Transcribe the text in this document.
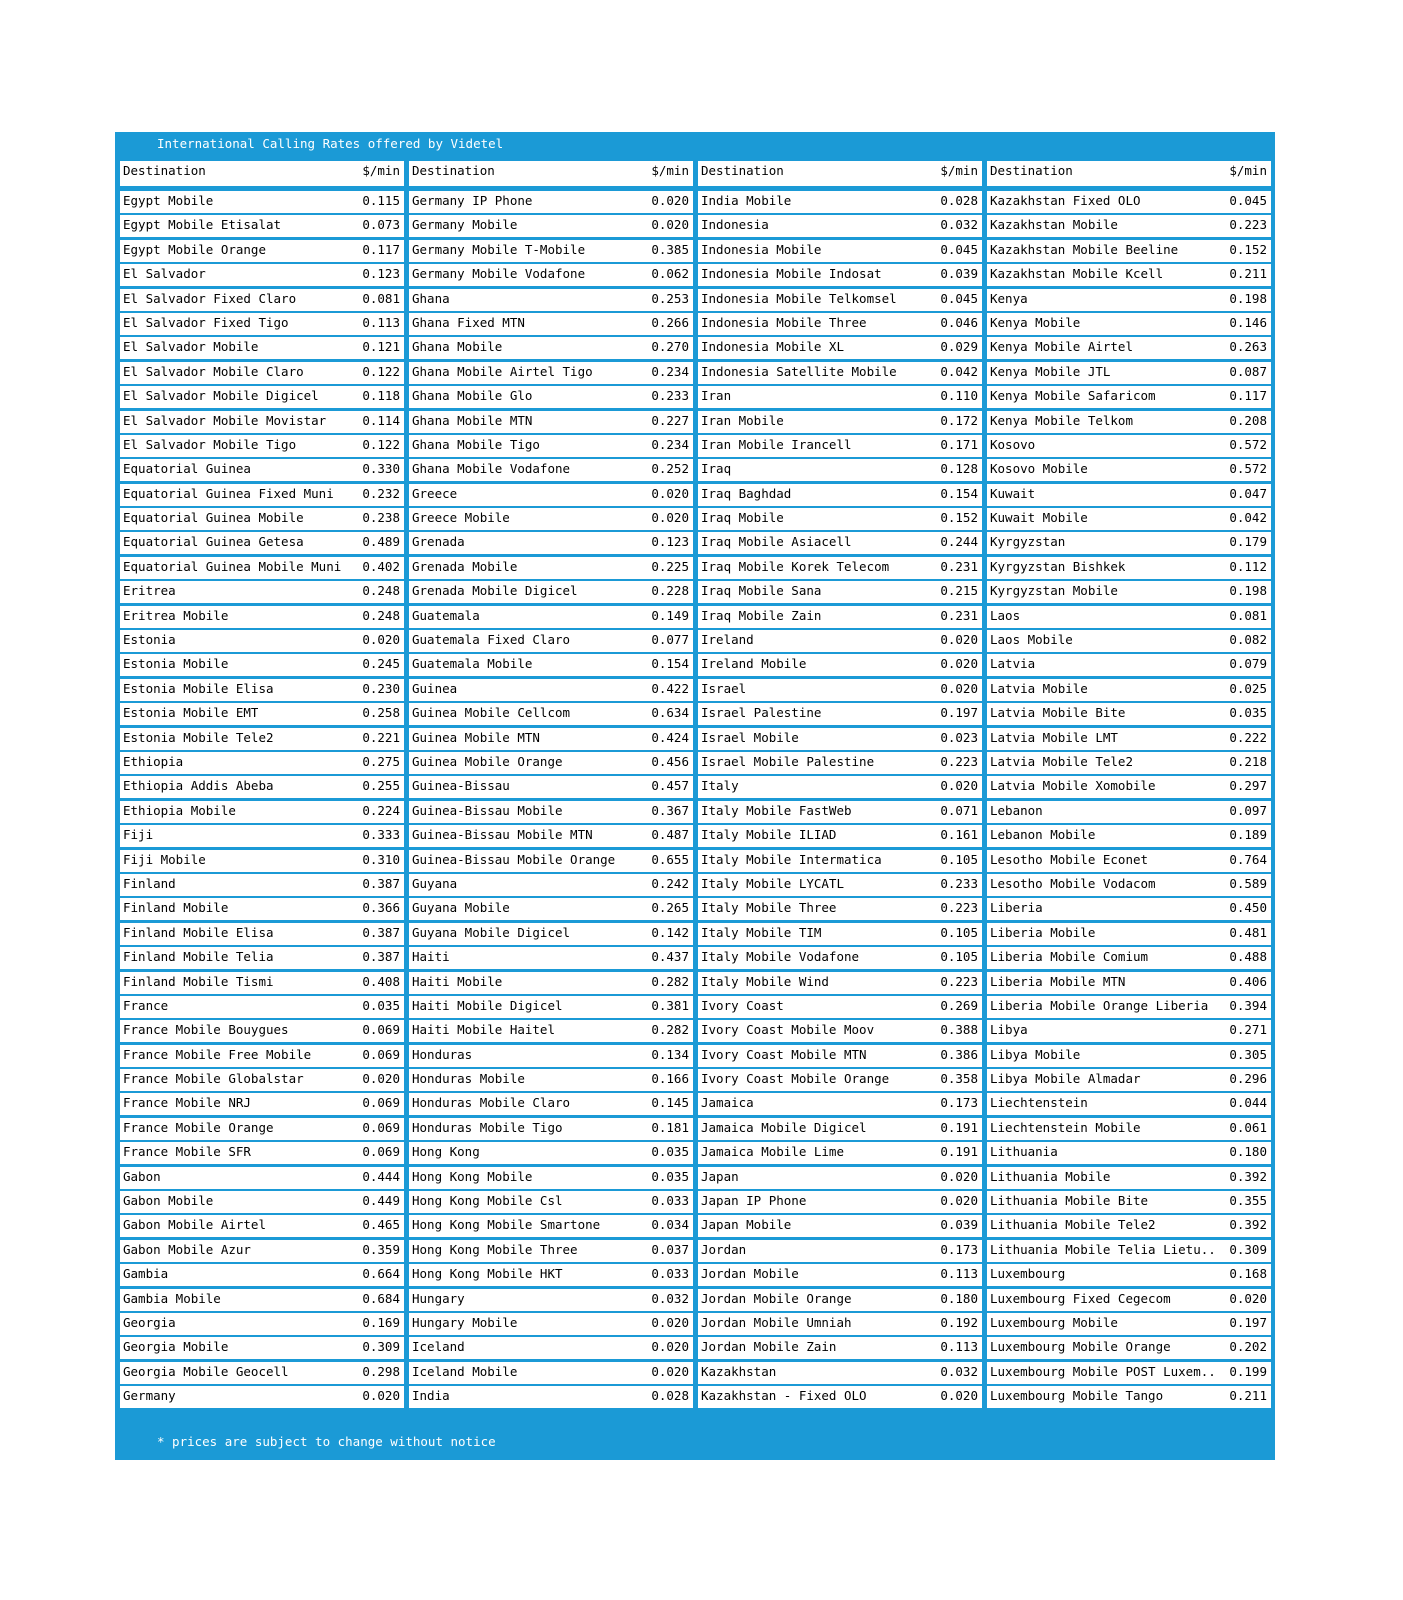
International Calling Rates offered by Videtel
Destination	$/min
Egypt Mobile	0.115
Egypt Mobile Etisalat	0.073
Egypt Mobile Orange	0.117
El Salvador	0.123
El Salvador Fixed Claro	0.081
El Salvador Fixed Tigo	0.113
El Salvador Mobile	0.121
El Salvador Mobile Claro	0.122
El Salvador Mobile Digicel	0.118
El Salvador Mobile Movistar	0.114
El Salvador Mobile Tigo	0.122
Equatorial Guinea	0.330
Equatorial Guinea Fixed Muni	0.232
Equatorial Guinea Mobile	0.238
Equatorial Guinea Getesa	0.489
Equatorial Guinea Mobile Muni	0.402
Eritrea	0.248
Eritrea Mobile	0.248
Estonia	0.020
Estonia Mobile	0.245
Estonia Mobile Elisa	0.230
Estonia Mobile EMT	0.258
Estonia Mobile Tele2	0.221
Ethiopia	0.275
Ethiopia Addis Abeba	0.255
Ethiopia Mobile	0.224
Fiji	0.333
Fiji Mobile	0.310
Finland	0.387
Finland Mobile	0.366
Finland Mobile Elisa	0.387
Finland Mobile Telia	0.387
Finland Mobile Tismi	0.408
France	0.035
France Mobile Bouygues	0.069
France Mobile Free Mobile	0.069
France Mobile Globalstar	0.020
France Mobile NRJ	0.069
France Mobile Orange	0.069
France Mobile SFR	0.069
Gabon	0.444
Gabon Mobile	0.449
Gabon Mobile Airtel	0.465
Gabon Mobile Azur	0.359
Gambia	0.664
Gambia Mobile	0.684
Georgia	0.169
Georgia Mobile	0.309
Georgia Mobile Geocell	0.298
Germany	0.020
Destination	$/min
Germany IP Phone	0.020
Germany Mobile	0.020
Germany Mobile T-Mobile	0.385
Germany Mobile Vodafone	0.062
Ghana	0.253
Ghana Fixed MTN	0.266
Ghana Mobile	0.270
Ghana Mobile Airtel Tigo	0.234
Ghana Mobile Glo	0.233
Ghana Mobile MTN	0.227
Ghana Mobile Tigo	0.234
Ghana Mobile Vodafone	0.252
Greece	0.020
Greece Mobile	0.020
Grenada	0.123
Grenada Mobile	0.225
Grenada Mobile Digicel	0.228
Guatemala	0.149
Guatemala Fixed Claro	0.077
Guatemala Mobile	0.154
Guinea	0.422
Guinea Mobile Cellcom	0.634
Guinea Mobile MTN	0.424
Guinea Mobile Orange	0.456
Guinea-Bissau	0.457
Guinea-Bissau Mobile	0.367
Guinea-Bissau Mobile MTN	0.487
Guinea-Bissau Mobile Orange	0.655
Guyana	0.242
Guyana Mobile	0.265
Guyana Mobile Digicel	0.142
Haiti	0.437
Haiti Mobile	0.282
Haiti Mobile Digicel	0.381
Haiti Mobile Haitel	0.282
Honduras	0.134
Honduras Mobile	0.166
Honduras Mobile Claro	0.145
Honduras Mobile Tigo	0.181
Hong Kong	0.035
Hong Kong Mobile	0.035
Hong Kong Mobile Csl	0.033
Hong Kong Mobile Smartone	0.034
Hong Kong Mobile Three	0.037
Hong Kong Mobile HKT	0.033
Hungary	0.032
Hungary Mobile	0.020
Iceland	0.020
Iceland Mobile	0.020
India	0.028
Destination	$/min
India Mobile	0.028
Indonesia	0.032
Indonesia Mobile	0.045
Indonesia Mobile Indosat	0.039
Indonesia Mobile Telkomsel	0.045
Indonesia Mobile Three	0.046
Indonesia Mobile XL	0.029
Indonesia Satellite Mobile	0.042
Iran	0.110
Iran Mobile	0.172
Iran Mobile Irancell	0.171
Iraq	0.128
Iraq Baghdad	0.154
Iraq Mobile	0.152
Iraq Mobile Asiacell	0.244
Iraq Mobile Korek Telecom	0.231
Iraq Mobile Sana	0.215
Iraq Mobile Zain	0.231
Ireland	0.020
Ireland Mobile	0.020
Israel	0.020
Israel Palestine	0.197
Israel Mobile	0.023
Israel Mobile Palestine	0.223
Italy	0.020
Italy Mobile FastWeb	0.071
Italy Mobile ILIAD	0.161
Italy Mobile Intermatica	0.105
Italy Mobile LYCATL	0.233
Italy Mobile Three	0.223
Italy Mobile TIM	0.105
Italy Mobile Vodafone	0.105
Italy Mobile Wind	0.223
Ivory Coast	0.269
Ivory Coast Mobile Moov	0.388
Ivory Coast Mobile MTN	0.386
Ivory Coast Mobile Orange	0.358
Jamaica	0.173
Jamaica Mobile Digicel	0.191
Jamaica Mobile Lime	0.191
Japan	0.020
Japan IP Phone	0.020
Japan Mobile	0.039
Jordan	0.173
Jordan Mobile	0.113
Jordan Mobile Orange	0.180
Jordan Mobile Umniah	0.192
Jordan Mobile Zain	0.113
Kazakhstan	0.032
Kazakhstan - Fixed OLO	0.020
Destination	$/min
Kazakhstan Fixed OLO	0.045
Kazakhstan Mobile	0.223
Kazakhstan Mobile Beeline	0.152
Kazakhstan Mobile Kcell	0.211
Kenya	0.198
Kenya Mobile	0.146
Kenya Mobile Airtel	0.263
Kenya Mobile JTL	0.087
Kenya Mobile Safaricom	0.117
Kenya Mobile Telkom	0.208
Kosovo	0.572
Kosovo Mobile	0.572
Kuwait	0.047
Kuwait Mobile	0.042
Kyrgyzstan	0.179
Kyrgyzstan Bishkek	0.112
Kyrgyzstan Mobile	0.198
Laos	0.081
Laos Mobile	0.082
Latvia	0.079
Latvia Mobile	0.025
Latvia Mobile Bite	0.035
Latvia Mobile LMT	0.222
Latvia Mobile Tele2	0.218
Latvia Mobile Xomobile	0.297
Lebanon	0.097
Lebanon Mobile	0.189
Lesotho Mobile Econet	0.764
Lesotho Mobile Vodacom	0.589
Liberia	0.450
Liberia Mobile	0.481
Liberia Mobile Comium	0.488
Liberia Mobile MTN	0.406
Liberia Mobile Orange Liberia	0.394
Libya	0.271
Libya Mobile	0.305
Libya Mobile Almadar	0.296
Liechtenstein	0.044
Liechtenstein Mobile	0.061
Lithuania	0.180
Lithuania Mobile	0.392
Lithuania Mobile Bite	0.355
Lithuania Mobile Tele2	0.392
Lithuania Mobile Telia Lietu..	0.309
Luxembourg	0.168
Luxembourg Fixed Cegecom	0.020
Luxembourg Mobile	0.197
Luxembourg Mobile Orange	0.202
Luxembourg Mobile POST Luxem..	0.199
Luxembourg Mobile Tango	0.211

* prices are subject to change without notice

** all rates are subject to 20% services fee
